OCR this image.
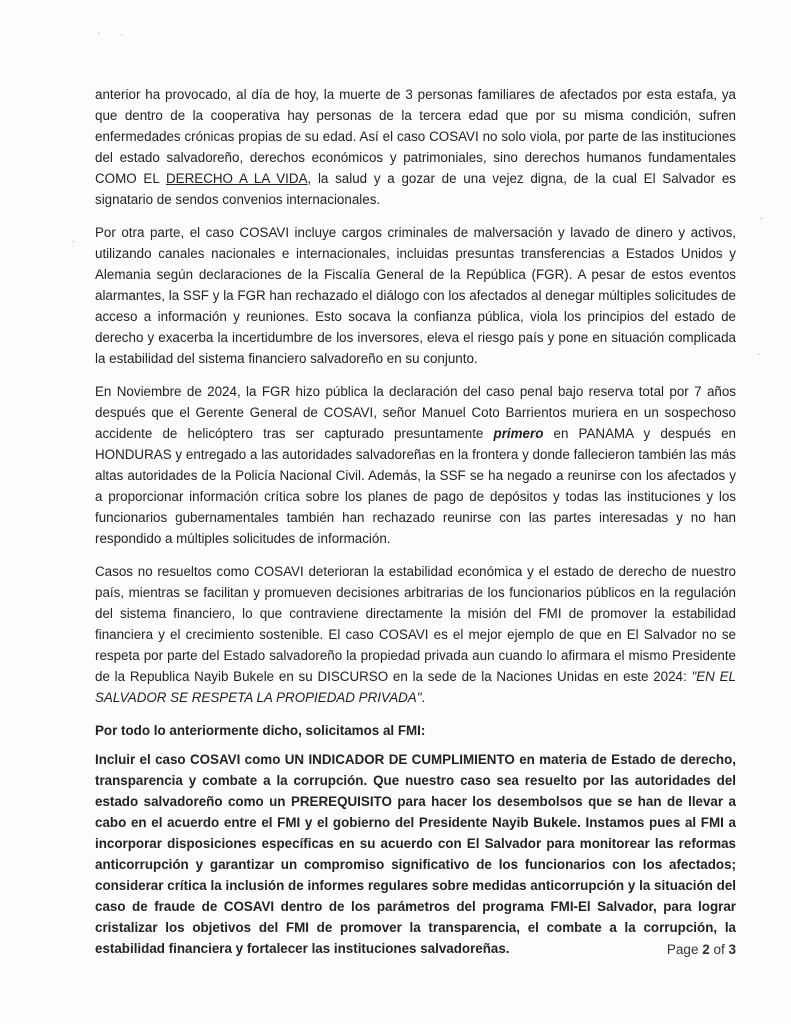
· ·
·
·
·

anterior ha provocado, al día de hoy, la muerte de 3 personas familiares de afectados por esta estafa, ya que dentro de la cooperativa hay personas de la tercera edad que por su misma condición, sufren enfermedades crónicas propias de su edad. Así el caso COSAVI no solo viola, por parte de las instituciones del estado salvadoreño, derechos económicos y patrimoniales, sino derechos humanos fundamentales COMO EL DERECHO A LA VIDA, la salud y a gozar de una vejez digna, de la cual El Salvador es signatario de sendos convenios internacionales.

Por otra parte, el caso COSAVI incluye cargos criminales de malversación y lavado de dinero y activos, utilizando canales nacionales e internacionales, incluidas presuntas transferencias a Estados Unidos y Alemania según declaraciones de la Fiscalía General de la República (FGR). A pesar de estos eventos alarmantes, la SSF y la FGR han rechazado el diálogo con los afectados al denegar múltiples solicitudes de acceso a información y reuniones. Esto socava la confianza pública, viola los principios del estado de derecho y exacerba la incertidumbre de los inversores, eleva el riesgo país y pone en situación complicada la estabilidad del sistema financiero salvadoreño en su conjunto.

En Noviembre de 2024, la FGR hizo pública la declaración del caso penal bajo reserva total por 7 años después que el Gerente General de COSAVI, señor Manuel Coto Barrientos muriera en un sospechoso accidente de helicóptero tras ser capturado presuntamente primero en PANAMA y después en HONDURAS y entregado a las autoridades salvadoreñas en la frontera y donde fallecieron también las más altas autoridades de la Policía Nacional Civil. Además, la SSF se ha negado a reunirse con los afectados y a proporcionar información crítica sobre los planes de pago de depósitos y todas las instituciones y los funcionarios gubernamentales también han rechazado reunirse con las partes interesadas y no han respondido a múltiples solicitudes de información.

Casos no resueltos como COSAVI deterioran la estabilidad económica y el estado de derecho de nuestro país, mientras se facilitan y promueven decisiones arbitrarias de los funcionarios públicos en la regulación del sistema financiero, lo que contraviene directamente la misión del FMI de promover la estabilidad financiera y el crecimiento sostenible. El caso COSAVI es el mejor ejemplo de que en El Salvador no se respeta por parte del Estado salvadoreño la propiedad privada aun cuando lo afirmara el mismo Presidente de la Republica Nayib Bukele en su DISCURSO en la sede de la Naciones Unidas en este 2024: "EN EL SALVADOR SE RESPETA LA PROPIEDAD PRIVADA".

Por todo lo anteriormente dicho, solicitamos al FMI:

Incluir el caso COSAVI como UN INDICADOR DE CUMPLIMIENTO en materia de Estado de derecho, transparencia y combate a la corrupción. Que nuestro caso sea resuelto por las autoridades del estado salvadoreño como un PREREQUISITO para hacer los desembolsos que se han de llevar a cabo en el acuerdo entre el FMI y el gobierno del Presidente Nayib Bukele. Instamos pues al FMI a incorporar disposiciones específicas en su acuerdo con El Salvador para monitorear las reformas anticorrupción y garantizar un compromiso significativo de los funcionarios con los afectados; considerar crítica la inclusión de informes regulares sobre medidas anticorrupción y la situación del caso de fraude de COSAVI dentro de los parámetros del programa FMI-El Salvador, para lograr cristalizar los objetivos del FMI de promover la transparencia, el combate a la corrupción, la estabilidad financiera y fortalecer las instituciones salvadoreñas.	Page 2 of 3
